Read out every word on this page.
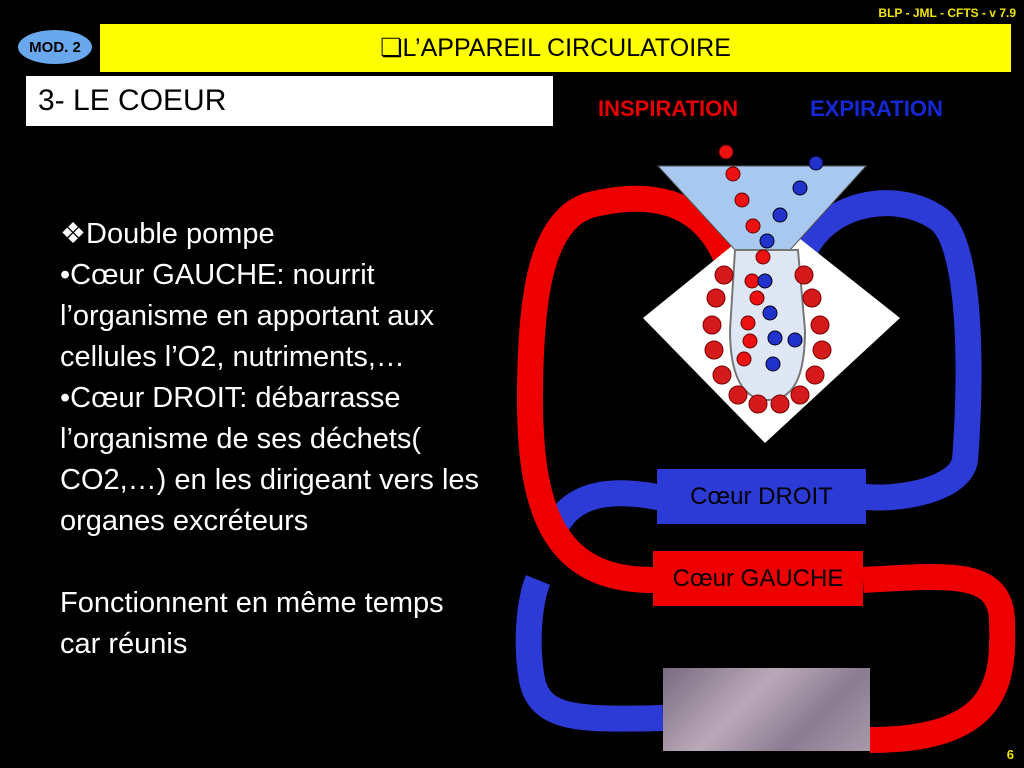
BLP - JML - CFTS - v 7.9
MOD. 2	❏L’APPAREIL CIRCULATOIRE
3- LE COEUR	INSPIRATION	EXPIRATION

❖Double pompe

•Cœur GAUCHE: nourrit l’organisme en apportant aux cellules l’O2, nutriments,…

•Cœur DROIT: débarrasse l’organisme de ses déchets( CO2,…) en les dirigeant vers les organes excréteurs

Fonctionnent en même temps car réunis

Cœur DROIT
Cœur GAUCHE
6
